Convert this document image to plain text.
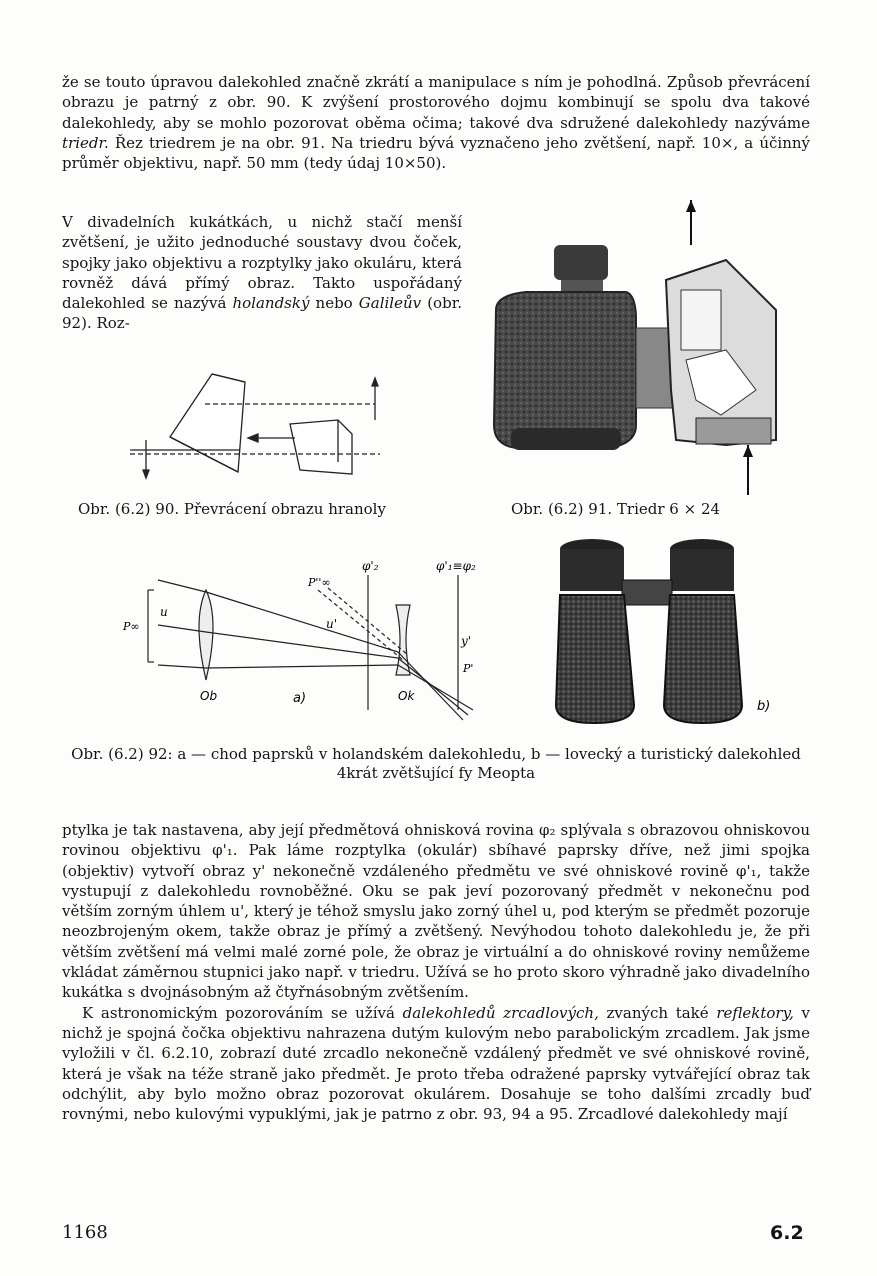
že se touto úpravou dalekohled značně zkrátí a manipulace s ním je pohodlná. Způsob převrácení obrazu je patrný z obr. 90. K zvýšení prostorového dojmu kombinují se spolu dva takové dalekohledy, aby se mohlo pozorovat oběma očima; takové dva sdružené dalekohledy nazýváme triedr. Řez triedrem je na obr. 91. Na triedru bývá vyznačeno jeho zvětšení, např. 10×, a účinný průměr objektivu, např. 50 mm (tedy údaj 10×50).

V divadelních kukátkách, u nichž stačí menší zvětšení, je užito jednoduché soustavy dvou čoček, spojky jako objektivu a rozptylky jako okuláru, která rovněž dává přímý obraz. Takto uspořádaný dalekohled se nazývá holandský nebo Galileův (obr. 92). Roz-

Obr. (6.2) 90. Převrácení obrazu hranoly	Obr. (6.2) 91. Triedr 6 × 24
φ'₂	φ'₁≡φ₂
P''∞
P∞
u
u'
y'
P'
Ob	Ok
a)
b)
Obr. (6.2) 92: a — chod paprsků v holandském dalekohledu, b — lovecký a turistický dalekohled 4krát zvětšující fy Meopta

ptylka je tak nastavena, aby její předmětová ohnisková rovina φ₂ splývala s obrazovou ohniskovou rovinou objektivu φ'₁. Pak láme rozptylka (okulár) sbíhavé paprsky dříve, než jimi spojka (objektiv) vytvoří obraz y' nekonečně vzdáleného předmětu ve své ohniskové rovině φ'₁, takže vystupují z dalekohledu rovnoběžné. Oku se pak jeví pozorovaný předmět v nekonečnu pod větším zorným úhlem u', který je téhož smyslu jako zorný úhel u, pod kterým se předmět pozoruje neozbrojeným okem, takže obraz je přímý a zvětšený. Nevýhodou tohoto dalekohledu je, že při větším zvětšení má velmi malé zorné pole, že obraz je virtuální a do ohniskové roviny nemůžeme vkládat záměrnou stupnici jako např. v triedru. Užívá se ho proto skoro výhradně jako divadelního kukátka s dvojnásobným až čtyřnásobným zvětšením.
K astronomickým pozorováním se užívá dalekohledů zrcadlových, zvaných také reflektory, v nichž je spojná čočka objektivu nahrazena dutým kulovým nebo parabolickým zrcadlem. Jak jsme vyložili v čl. 6.2.10, zobrazí duté zrcadlo nekonečně vzdálený předmět ve své ohniskové rovině, která je však na téže straně jako předmět. Je proto třeba odražené paprsky vytvářející obraz tak odchýlit, aby bylo možno obraz pozorovat okulárem. Dosahuje se toho dalšími zrcadly buď rovnými, nebo kulovými vypuklými, jak je patrno z obr. 93, 94 a 95. Zrcadlové dalekohledy mají

1168	6.2
